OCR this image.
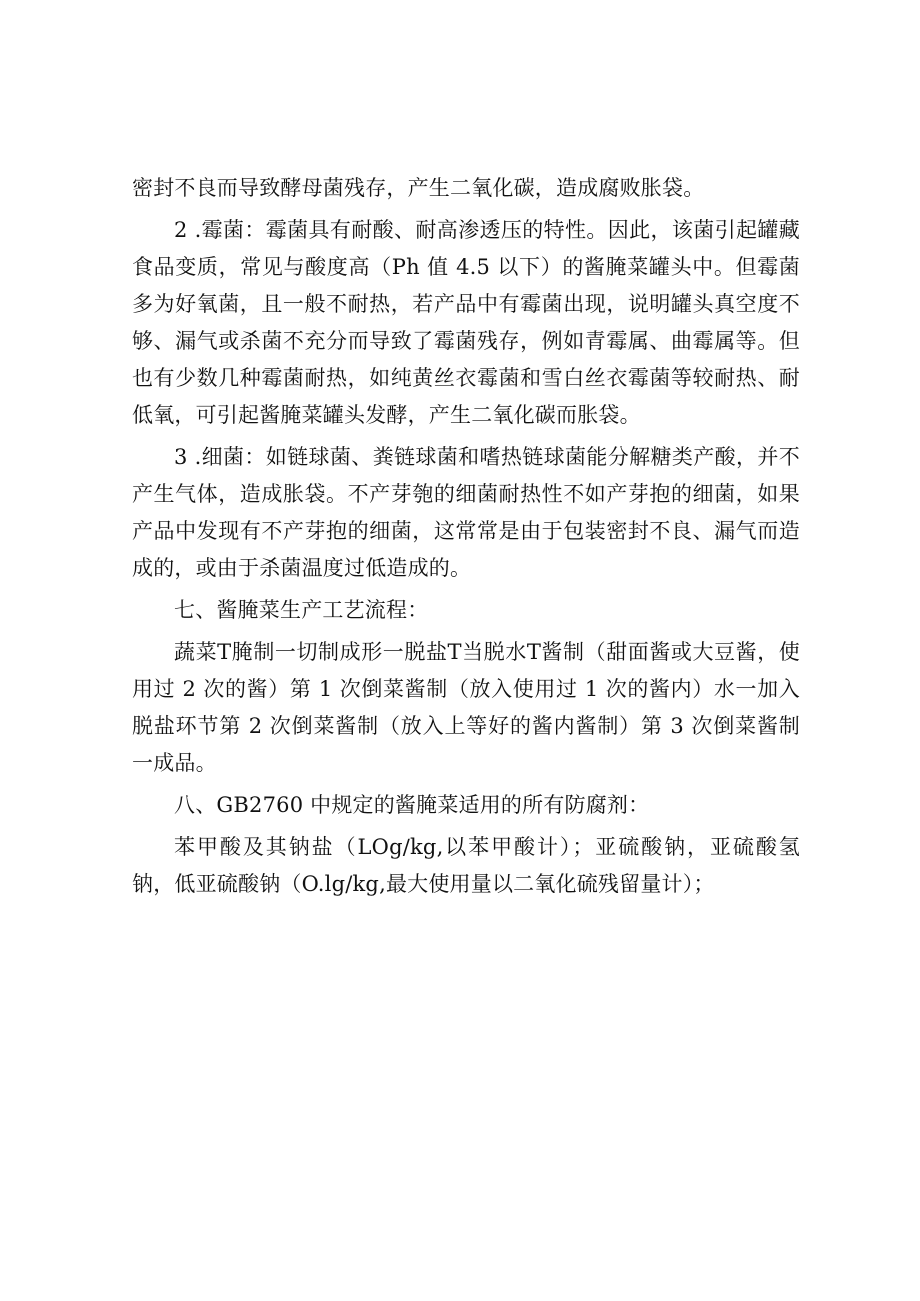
密封不良而导致酵母菌残存，产生二氧化碳，造成腐败胀袋。

2 .霉菌：霉菌具有耐酸、耐高渗透压的特性。因此，该菌引起罐藏食品变质，常见与酸度高（Ph 值 4.5 以下）的酱腌菜罐头中。但霉菌多为好氧菌，且一般不耐热，若产品中有霉菌出现，说明罐头真空度不够、漏气或杀菌不充分而导致了霉菌残存，例如青霉属、曲霉属等。但也有少数几种霉菌耐热，如纯黄丝衣霉菌和雪白丝衣霉菌等较耐热、耐低氧，可引起酱腌菜罐头发酵，产生二氧化碳而胀袋。

3 .细菌：如链球菌、粪链球菌和嗜热链球菌能分解糖类产酸，并不产生气体，造成胀袋。不产芽匏的细菌耐热性不如产芽抱的细菌，如果产品中发现有不产芽抱的细菌，这常常是由于包装密封不良、漏气而造成的，或由于杀菌温度过低造成的。

七、酱腌菜生产工艺流程：

蔬菜T腌制一切制成形一脱盐T当脱水T酱制（甜面酱或大豆酱，使用过 2 次的酱）第 1 次倒菜酱制（放入使用过 1 次的酱内）水一加入脱盐环节第 2 次倒菜酱制（放入上等好的酱内酱制）第 3 次倒菜酱制一成品。

八、GB2760 中规定的酱腌菜适用的所有防腐剂：

苯甲酸及其钠盐（LOg∕kg,以苯甲酸计）；亚硫酸钠，亚硫酸氢钠，低亚硫酸钠（O.lg/kg,最大使用量以二氧化硫残留量计）；
